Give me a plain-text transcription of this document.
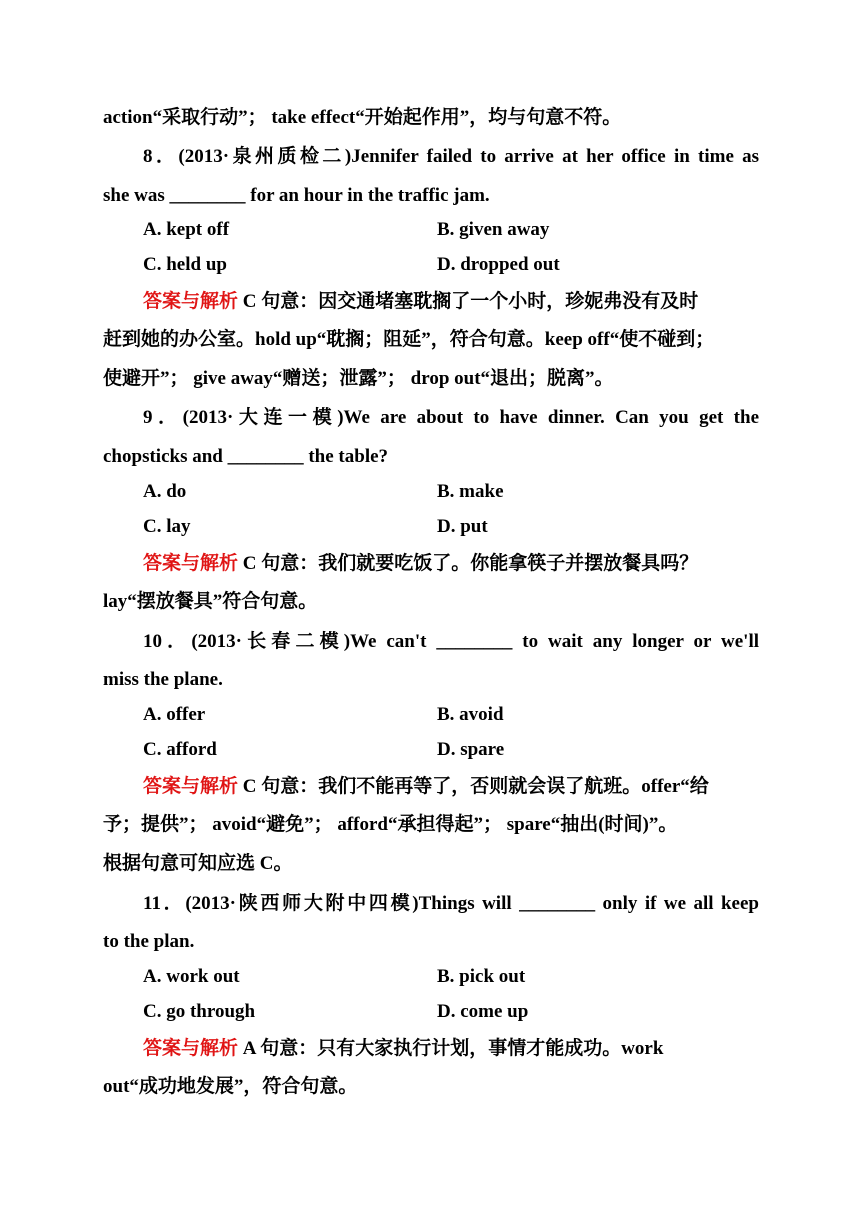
action“采取行动”； take effect“开始起作用”，均与句意不符。
8．(2013·泉州质检二)Jennifer failed to arrive at her office in time as
she was ________ for an hour in the traffic jam.
A. kept off	B. given away
C. held up	D. dropped out
答案与解析 C 句意：因交通堵塞耽搁了一个小时，珍妮弗没有及时
赶到她的办公室。hold up“耽搁；阻延”，符合句意。keep off“使不碰到；
使避开”； give away“赠送；泄露”； drop out“退出；脱离”。
9．(2013·大连一模)We are about to have dinner. Can you get the
chopsticks and ________ the table?
A. do	B. make
C. lay	D. put
答案与解析 C 句意：我们就要吃饭了。你能拿筷子并摆放餐具吗？
lay“摆放餐具”符合句意。
10．(2013·长春二模)We can't ________ to wait any longer or we'll
miss the plane.
A. offer	B. avoid
C. afford	D. spare
答案与解析 C 句意：我们不能再等了，否则就会误了航班。offer“给
予；提供”； avoid“避免”； afford“承担得起”； spare“抽出(时间)”。
根据句意可知应选 C。
11．(2013·陕西师大附中四模)Things will ________ only if we all keep
to the plan.
A. work out	B. pick out
C. go through	D. come up
答案与解析 A 句意：只有大家执行计划，事情才能成功。work
out“成功地发展”，符合句意。
